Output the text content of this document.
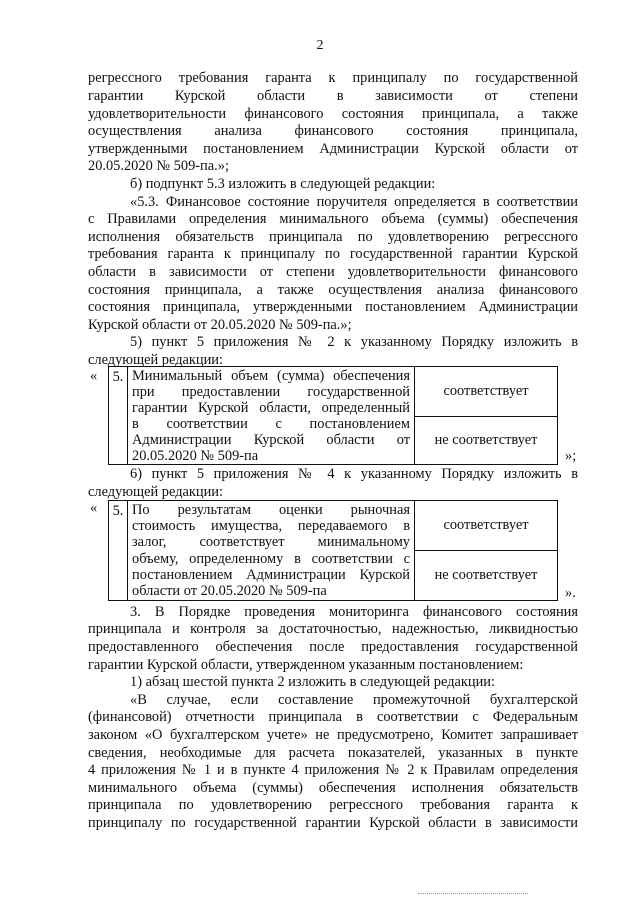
2
регрессного требования гаранта к принципалу по государственной
гарантии Курской области в зависимости от степени
удовлетворительности финансового состояния принципала, а также
осуществления анализа финансового состояния принципала,
утвержденными постановлением Администрации Курской области от
20.05.2020 № 509-па.»;
б) подпункт 5.3 изложить в следующей редакции:
«5.3. Финансовое состояние поручителя определяется в соответствии
с Правилами определения минимального объема (суммы) обеспечения
исполнения обязательств принципала по удовлетворению регрессного
требования гаранта к принципалу по государственной гарантии Курской
области в зависимости от степени удовлетворительности финансового
состояния принципала, а также осуществления анализа финансового
состояния принципала, утвержденными постановлением Администрации
Курской области от 20.05.2020 № 509-па.»;
5) пункт 5 приложения № 2 к указанному Порядку изложить в
следующей редакции:
« 5.	Минимальный объем (сумма) обеспечения
при предоставлении государственной
гарантии Курской области, определенный
в соответствии с постановлением
Администрации Курской области от
20.05.2020 № 509-па
	соответствует
не соответствует
»;
6) пункт 5 приложения № 4 к указанному Порядку изложить в
следующей редакции:
« 5.	По результатам оценки рыночная
стоимость имущества, передаваемого в
залог, соответствует минимальному
объему, определенному в соответствии с
постановлением Администрации Курской
области от 20.05.2020 № 509-па
	соответствует
не соответствует
».
3. В Порядке проведения мониторинга финансового состояния
принципала и контроля за достаточностью, надежностью, ликвидностью
предоставленного обеспечения после предоставления государственной
гарантии Курской области, утвержденном указанным постановлением:
1) абзац шестой пункта 2 изложить в следующей редакции:
«В случае, если составление промежуточной бухгалтерской
(финансовой) отчетности принципала в соответствии с Федеральным
законом «О бухгалтерском учете» не предусмотрено, Комитет запрашивает
сведения, необходимые для расчета показателей, указанных в пункте
4 приложения № 1 и в пункте 4 приложения № 2 к Правилам определения
минимального объема (суммы) обеспечения исполнения обязательств
принципала по удовлетворению регрессного требования гаранта к
принципалу по государственной гарантии Курской области в зависимости
